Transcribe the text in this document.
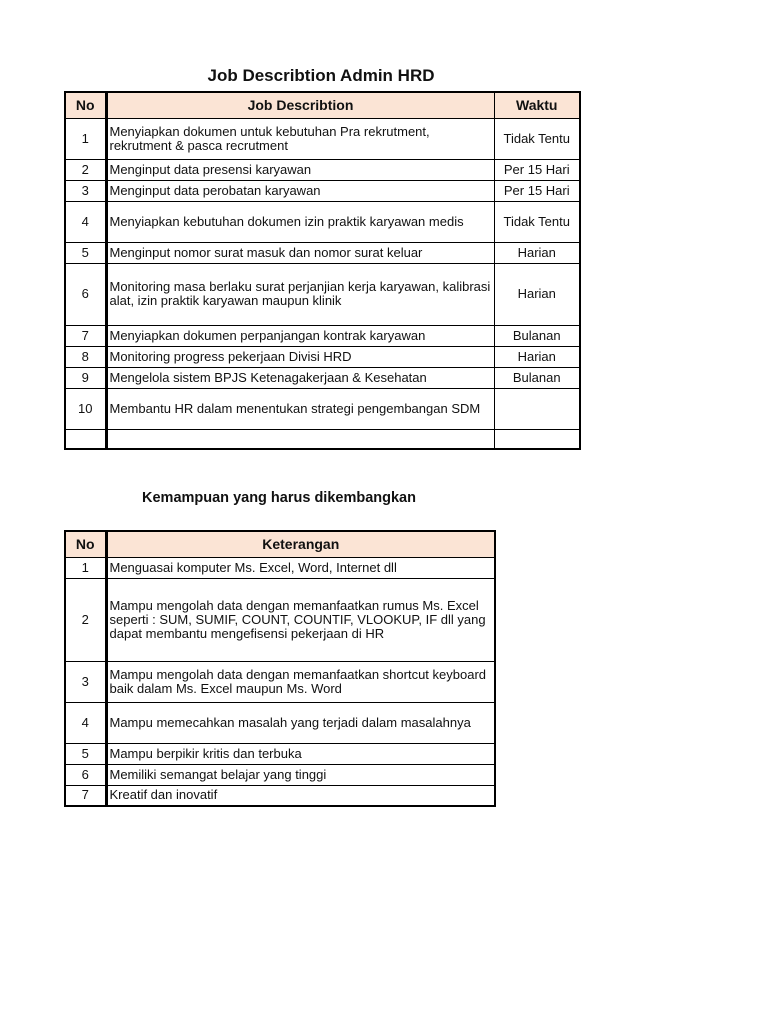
Job Describtion Admin HRD
No	Job Describtion	Waktu
1	Menyiapkan dokumen untuk kebutuhan Pra rekrutment, rekrutment & pasca recrutment	Tidak Tentu
2	Menginput data presensi karyawan	Per 15 Hari
3	Menginput data perobatan karyawan	Per 15 Hari
4	Menyiapkan kebutuhan dokumen izin praktik karyawan medis	Tidak Tentu
5	Menginput nomor surat masuk dan nomor surat keluar	Harian
6	Monitoring masa berlaku surat perjanjian kerja karyawan, kalibrasi alat, izin praktik karyawan maupun klinik	Harian
7	Menyiapkan dokumen perpanjangan kontrak karyawan	Bulanan
8	Monitoring progress pekerjaan Divisi HRD	Harian
9	Mengelola sistem BPJS Ketenagakerjaan & Kesehatan	Bulanan
10	Membantu HR dalam menentukan strategi pengembangan SDM	

Kemampuan yang harus dikembangkan
No	Keterangan
1	Menguasai komputer Ms. Excel, Word, Internet dll
2	Mampu mengolah data dengan memanfaatkan rumus Ms. Excel seperti : SUM, SUMIF, COUNT, COUNTIF, VLOOKUP, IF dll yang dapat membantu mengefisensi pekerjaan di HR
3	Mampu mengolah data dengan memanfaatkan shortcut keyboard baik dalam Ms. Excel maupun Ms. Word
4	Mampu memecahkan masalah yang terjadi dalam masalahnya
5	Mampu berpikir kritis dan terbuka
6	Memiliki semangat belajar yang tinggi
7	Kreatif dan inovatif
